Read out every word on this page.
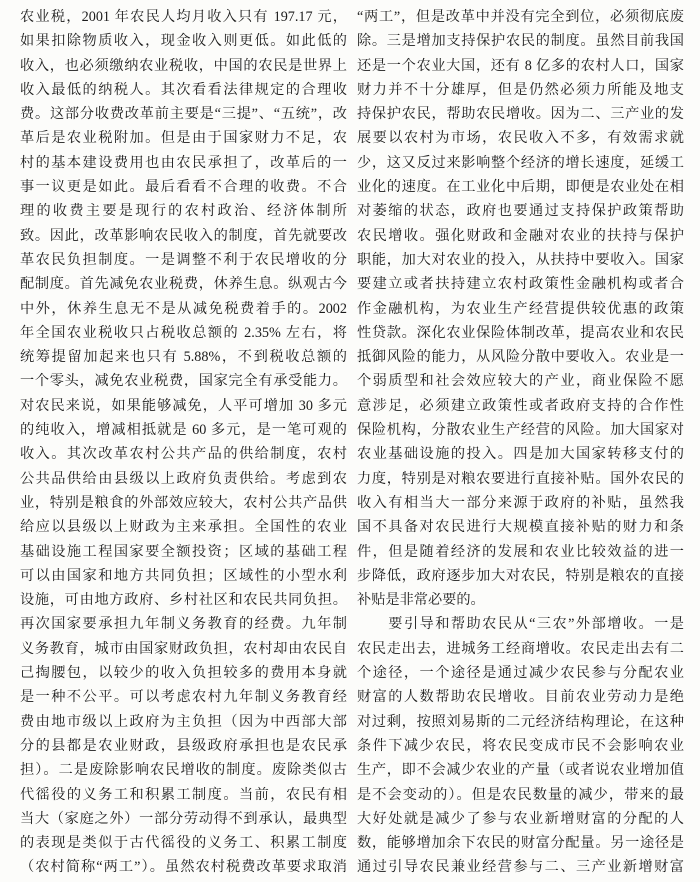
农业税，2001 年农民人均月收入只有 197.17 元，
如果扣除物质收入，现金收入则更低。如此低的
收入，也必须缴纳农业税收，中国的农民是世界上
收入最低的纳税人。其次看看法律规定的合理收
费。这部分收费改革前主要是“三提”、“五统”，改
革后是农业税附加。但是由于国家财力不足，农
村的基本建设费用也由农民承担了，改革后的一
事一议更是如此。最后看看不合理的收费。不合
理的收费主要是现行的农村政治、经济体制所
致。因此，改革影响农民收入的制度，首先就要改
革农民负担制度。一是调整不利于农民增收的分
配制度。首先减免农业税费，休养生息。纵观古今
中外，休养生息无不是从减免税费着手的。2002
年全国农业税收只占税收总额的 2.35% 左右，将
统筹提留加起来也只有 5.88%，不到税收总额的
一个零头，减免农业税费，国家完全有承受能力。
对农民来说，如果能够减免，人平可增加 30 多元
的纯收入，增减相抵就是 60 多元，是一笔可观的
收入。其次改革农村公共产品的供给制度，农村
公共品供给由县级以上政府负责供给。考虑到农
业，特别是粮食的外部效应较大，农村公共产品供
给应以县级以上财政为主来承担。全国性的农业
基础设施工程国家要全额投资；区域的基础工程
可以由国家和地方共同负担；区域性的小型水利
设施，可由地方政府、乡村社区和农民共同负担。
再次国家要承担九年制义务教育的经费。九年制
义务教育，城市由国家财政负担，农村却由农民自
己掏腰包，以较少的收入负担较多的费用本身就
是一种不公平。可以考虑农村九年制义务教育经
费由地市级以上政府为主负担（因为中西部大部
分的县都是农业财政，县级政府承担也是农民承
担）。二是废除影响农民增收的制度。废除类似古
代徭役的义务工和积累工制度。当前，农民有相
当大（家庭之外）一部分劳动得不到承认，最典型
的表现是类似于古代徭役的义务工、积累工制度
（农村简称“两工”）。虽然农村税费改革要求取消
“两工”，但是改革中并没有完全到位，必须彻底废
除。三是增加支持保护农民的制度。虽然目前我国
还是一个农业大国，还有 8 亿多的农村人口，国家
财力并不十分雄厚，但是仍然必须力所能及地支
持保护农民，帮助农民增收。因为二、三产业的发
展要以农村为市场，农民收入不多，有效需求就
少，这又反过来影响整个经济的增长速度，延缓工
业化的速度。在工业化中后期，即便是农业处在相
对萎缩的状态，政府也要通过支持保护政策帮助
农民增收。强化财政和金融对农业的扶持与保护
职能，加大对农业的投入，从扶持中要收入。国家
要建立或者扶持建立农村政策性金融机构或者合
作金融机构，为农业生产经营提供较优惠的政策
性贷款。深化农业保险体制改革，提高农业和农民
抵御风险的能力，从风险分散中要收入。农业是一
个弱质型和社会效应较大的产业，商业保险不愿
意涉足，必须建立政策性或者政府支持的合作性
保险机构，分散农业生产经营的风险。加大国家对
农业基础设施的投入。四是加大国家转移支付的
力度，特别是对粮农要进行直接补贴。国外农民的
收入有相当大一部分来源于政府的补贴，虽然我
国不具备对农民进行大规模直接补贴的财力和条
件，但是随着经济的发展和农业比较效益的进一
步降低，政府逐步加大对农民，特别是粮农的直接
补贴是非常必要的。
　　要引导和帮助农民从“三农”外部增收。一是
农民走出去，进城务工经商增收。农民走出去有二
个途径，一个途径是通过减少农民参与分配农业
财富的人数帮助农民增收。目前农业劳动力是绝
对过剩，按照刘易斯的二元经济结构理论，在这种
条件下减少农民，将农民变成市民不会影响农业
生产，即不会减少农业的产量（或者说农业增加值
是不会变动的）。但是农民数量的减少，带来的最
大好处就是减少了参与农业新增财富的分配的人
数，能够增加余下农民的财富分配量。另一途径是
通过引导农民兼业经营参与二、三产业新增财富
